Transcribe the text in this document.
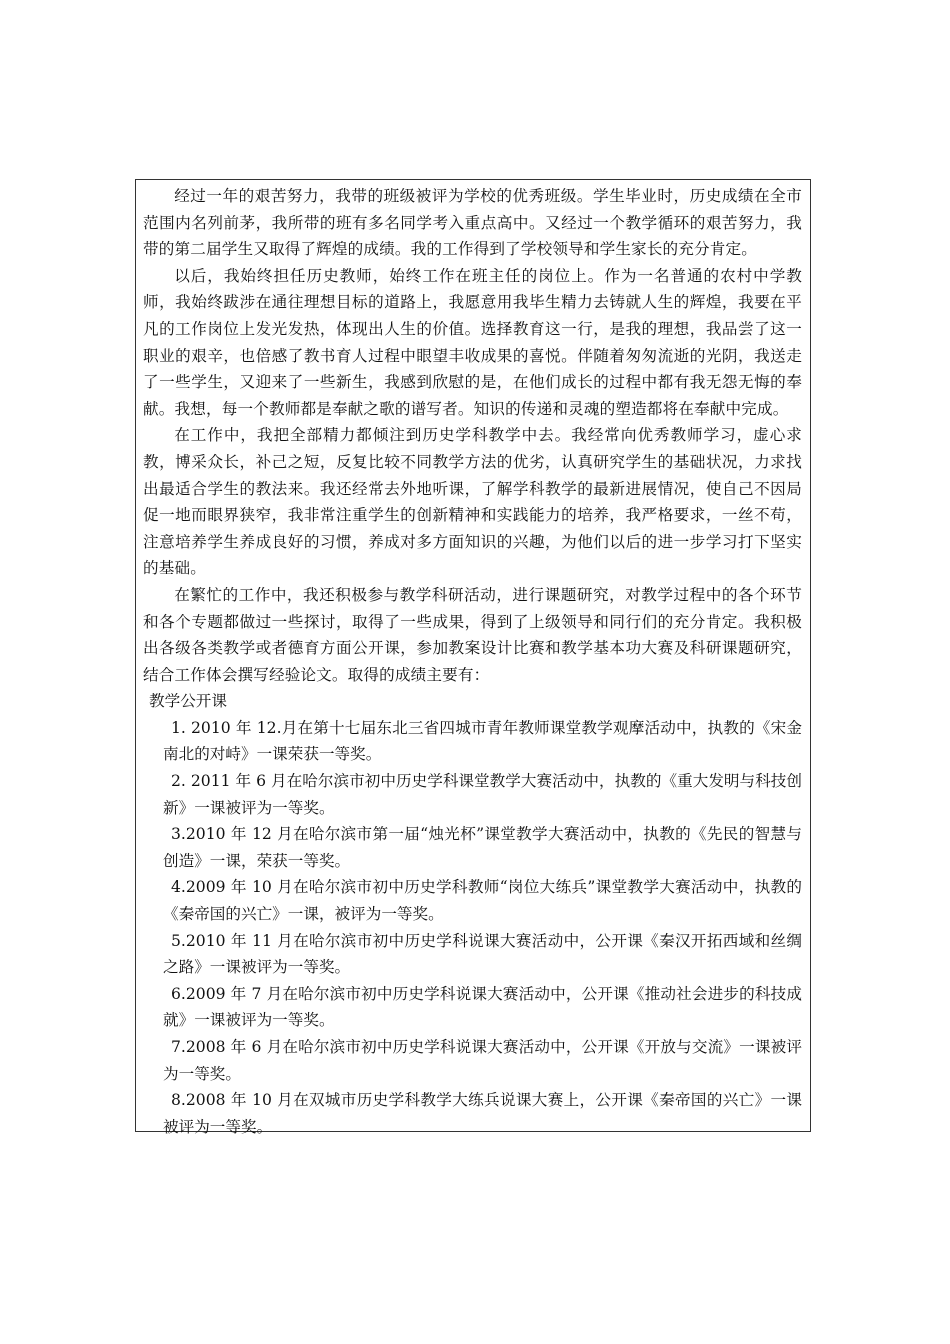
经过一年的艰苦努力，我带的班级被评为学校的优秀班级。学生毕业时，历史成绩在全市范围内名列前茅，我所带的班有多名同学考入重点高中。又经过一个教学循环的艰苦努力，我带的第二届学生又取得了辉煌的成绩。我的工作得到了学校领导和学生家长的充分肯定。

以后，我始终担任历史教师，始终工作在班主任的岗位上。作为一名普通的农村中学教师，我始终跋涉在通往理想目标的道路上，我愿意用我毕生精力去铸就人生的辉煌，我要在平凡的工作岗位上发光发热，体现出人生的价值。选择教育这一行，是我的理想，我品尝了这一职业的艰辛，也倍感了教书育人过程中眼望丰收成果的喜悦。伴随着匆匆流逝的光阴，我送走了一些学生，又迎来了一些新生，我感到欣慰的是，在他们成长的过程中都有我无怨无悔的奉献。我想，每一个教师都是奉献之歌的谱写者。知识的传递和灵魂的塑造都将在奉献中完成。

在工作中，我把全部精力都倾注到历史学科教学中去。我经常向优秀教师学习，虚心求教，博采众长，补己之短，反复比较不同教学方法的优劣，认真研究学生的基础状况，力求找出最适合学生的教法来。我还经常去外地听课，了解学科教学的最新进展情况，使自己不因局促一地而眼界狭窄，我非常注重学生的创新精神和实践能力的培养，我严格要求，一丝不苟，注意培养学生养成良好的习惯，养成对多方面知识的兴趣，为他们以后的进一步学习打下坚实的基础。

在繁忙的工作中，我还积极参与教学科研活动，进行课题研究，对教学过程中的各个环节和各个专题都做过一些探讨，取得了一些成果，得到了上级领导和同行们的充分肯定。我积极出各级各类教学或者德育方面公开课，参加教案设计比赛和教学基本功大赛及科研课题研究，结合工作体会撰写经验论文。取得的成绩主要有：

教学公开课

1. 2010 年 12.月在第十七届东北三省四城市青年教师课堂教学观摩活动中，执教的《宋金南北的对峙》一课荣获一等奖。

2. 2011 年 6 月在哈尔滨市初中历史学科课堂教学大赛活动中，执教的《重大发明与科技创新》一课被评为一等奖。

3.2010 年 12 月在哈尔滨市第一届“烛光杯”课堂教学大赛活动中，执教的《先民的智慧与创造》一课，荣获一等奖。

4.2009 年 10 月在哈尔滨市初中历史学科教师“岗位大练兵”课堂教学大赛活动中，执教的《秦帝国的兴亡》一课，被评为一等奖。

5.2010 年 11 月在哈尔滨市初中历史学科说课大赛活动中，公开课《秦汉开拓西域和丝绸之路》一课被评为一等奖。

6.2009 年 7 月在哈尔滨市初中历史学科说课大赛活动中，公开课《推动社会进步的科技成就》一课被评为一等奖。

7.2008 年 6 月在哈尔滨市初中历史学科说课大赛活动中，公开课《开放与交流》一课被评为一等奖。

8.2008 年 10 月在双城市历史学科教学大练兵说课大赛上，公开课《秦帝国的兴亡》一课被评为一等奖。
